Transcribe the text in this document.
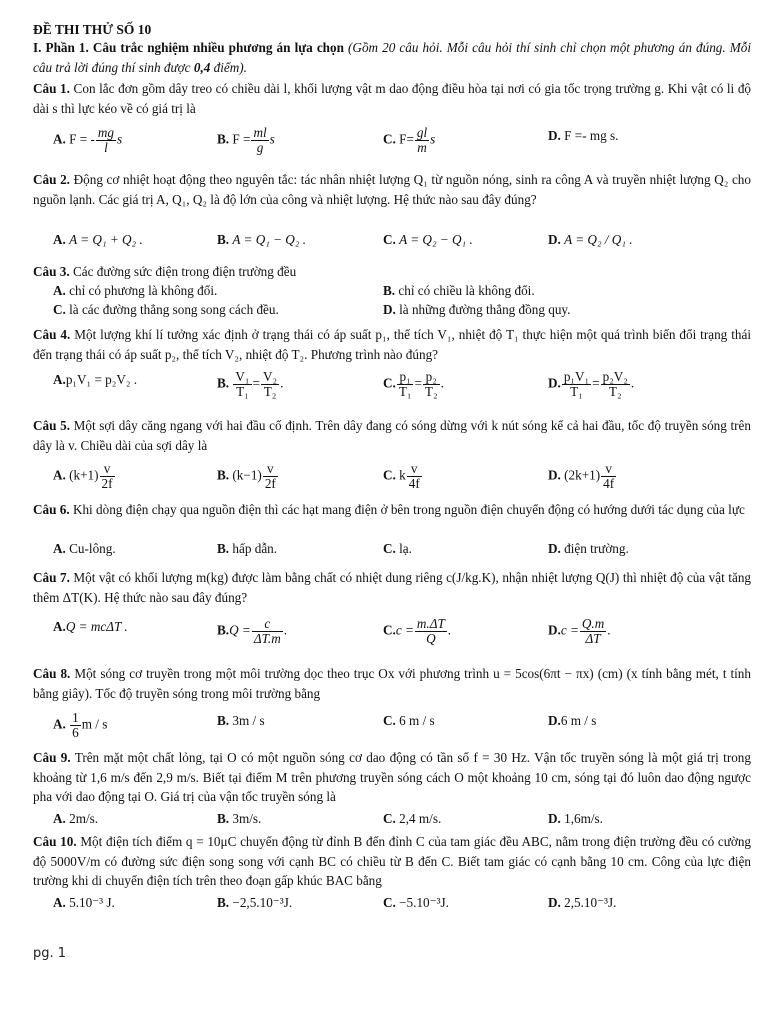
ĐỀ THI THỬ SỐ 10
I. Phần 1. Câu trắc nghiệm nhiều phương án lựa chọn (Gồm 20 câu hỏi. Mỗi câu hỏi thí sinh chỉ chọn một phương án đúng. Mỗi câu trả lời đúng thí sinh được 0,4 điểm).
Câu 1. Con lắc đơn gồm dây treo có chiều dài l, khối lượng vật m dao động điều hòa tại nơi có gia tốc trọng trường g. Khi vật có li độ dài s thì lực kéo về có giá trị là
A. F = - $\frac{mg}{l}$ s	B. $F = \frac{ml}{g}$ s	C. $F= \frac{gl}{m}$ s	D. F =- mg s.
Câu 2. Động cơ nhiệt hoạt động theo nguyên tắc: tác nhân nhiệt lượng Q₁ từ nguồn nóng, sinh ra công A và truyền nhiệt lượng Q₂ cho nguồn lạnh. Các giá trị A, Q₁, Q₂ là độ lớn của công và nhiệt lượng. Hệ thức nào sau đây đúng?
A. A = Q₁ + Q₂ .	B. A = Q₁ − Q₂ .	C. A = Q₂ − Q₁ .	D. A = Q₂ / Q₁ .
Câu 3. Các đường sức điện trong điện trường đều
A. chỉ có phương là không đổi.	B. chỉ có chiều là không đổi.
C. là các đường thẳng song song cách đều.	D. là những đường thẳng đồng quy.
Câu 4. Một lượng khí lí tưởng xác định ở trạng thái có áp suất p₁, thể tích V₁, nhiệt độ T₁ thực hiện một quá trình biến đổi trạng thái đến trạng thái có áp suất p₂, thể tích V₂, nhiệt độ T₂. Phương trình nào đúng?
A.p₁V₁ = p₂V₂ .	B. $\frac{\text{V₁}}{\text{T₁}} = \frac{\text{V₂}}{\text{T₂}}$ .	C. $\frac{\text{p₁}}{\text{T₁}} = \frac{\text{p₂}}{\text{T₂}}$ .	D. $\frac{\text{p₁V₁}}{\text{T₁}} = \frac{\text{p₂V₂}}{\text{T₂}}$ .
Câu 5. Một sợi dây căng ngang với hai đầu cố định. Trên dây đang có sóng dừng với k nút sóng kể cả hai đầu, tốc độ truyền sóng trên dây là v. Chiều dài của sợi dây là
A. $(k+1) \frac{v}{2f}$	B. $(k-1) \frac{v}{2f}$	C. k $\frac{v}{4f}$	D. $(2k+1) \frac{v}{4f}$
Câu 6. Khi dòng điện chạy qua nguồn điện thì các hạt mang điện ở bên trong nguồn điện chuyển động có hướng dưới tác dụng của lực
A. Cu-lông.	B. hấp dẫn.	C. lạ.	D. điện trường.
Câu 7. Một vật có khối lượng m(kg) được làm bằng chất có nhiệt dung riêng c(J/kg.K), nhận nhiệt lượng Q(J) thì nhiệt độ của vật tăng thêm ΔT(K). Hệ thức nào sau đây đúng?
A.Q = mcΔT .	$B.Q = \frac{c}{\Delta T.m}$ .	$C.c = \frac{m.\Delta T}{Q}$ .	$D.c = \frac{Q.m}{\Delta T}$ .
Câu 8. Một sóng cơ truyền trong một môi trường dọc theo trục Ox với phương trình u = 5cos(6πt − πx) (cm) (x tính bằng mét, t tính bằng giây). Tốc độ truyền sóng trong môi trường bằng
A. $\frac{1}{6}$ m / s	B. 3m / s	C. 6 m / s	D.6 m / s
Câu 9. Trên mặt một chất lỏng, tại O có một nguồn sóng cơ dao động có tần số f = 30 Hz. Vận tốc truyền sóng là một giá trị trong khoảng từ 1,6 m/s đến 2,9 m/s. Biết tại điểm M trên phương truyền sóng cách O một khoảng 10 cm, sóng tại đó luôn dao động ngược pha với dao động tại O. Giá trị của vận tốc truyền sóng là
A. 2m/s.	B. 3m/s.	C. 2,4 m/s.	D. 1,6m/s.
Câu 10. Một điện tích điểm q = 10μC chuyển động từ đỉnh B đến đỉnh C của tam giác đều ABC, nằm trong điện trường đều có cường độ 5000V/m có đường sức điện song song với cạnh BC có chiều từ B đến C. Biết tam giác có cạnh bằng 10 cm. Công của lực điện trường khi di chuyển điện tích trên theo đoạn gấp khúc BAC bằng
A. 5.10⁻³ J.	B. −2,5.10⁻³J.	C. −5.10⁻³J.	D. 2,5.10⁻³J.
pg. 1
